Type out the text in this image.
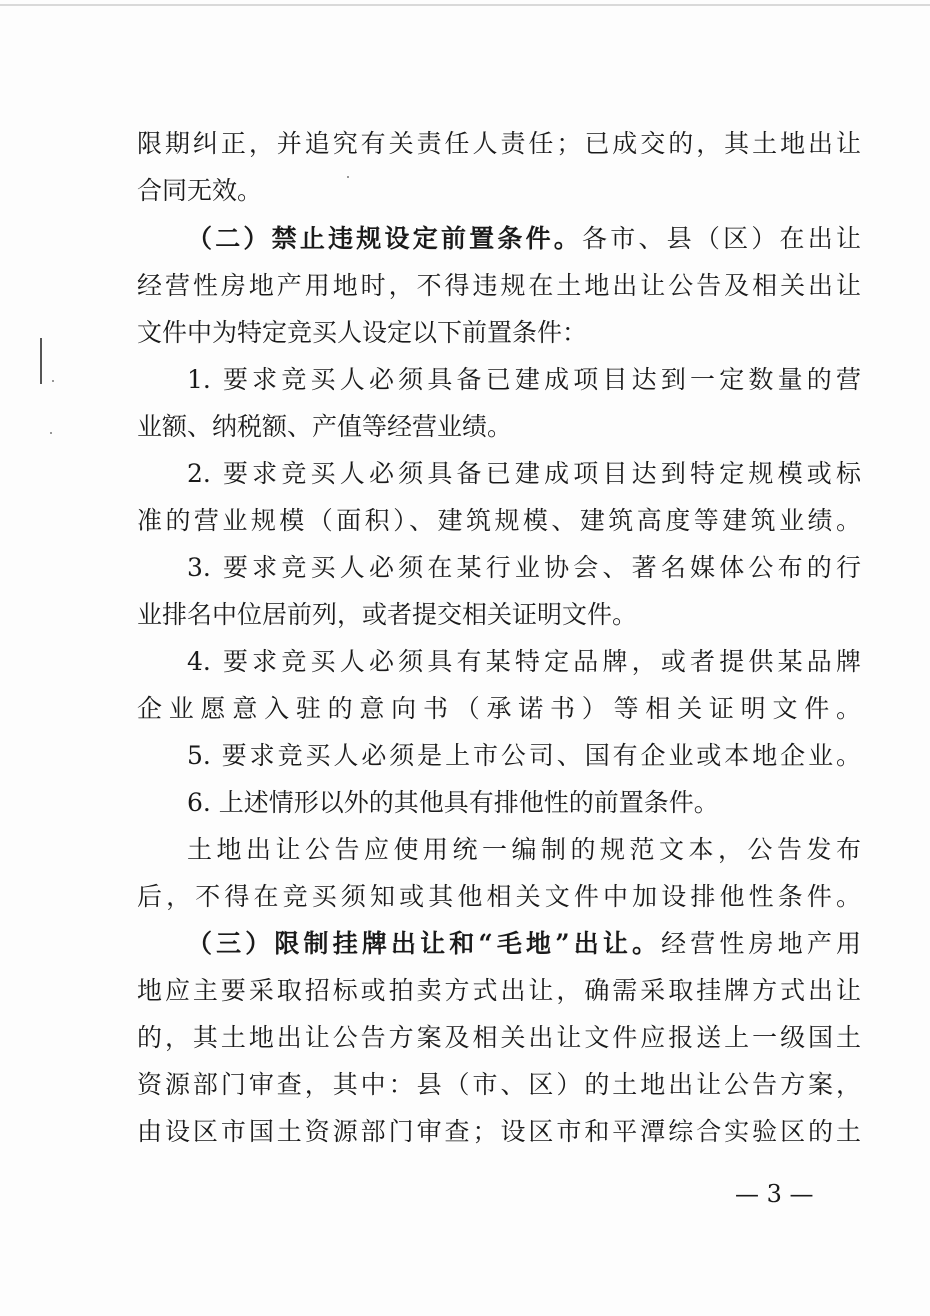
限期纠正，并追究有关责任人责任；已成交的，其土地出让
合同无效。
（二）禁止违规设定前置条件。各市、县（区）在出让
经营性房地产用地时，不得违规在土地出让公告及相关出让
文件中为特定竞买人设定以下前置条件：
1. 要求竞买人必须具备已建成项目达到一定数量的营
业额、纳税额、产值等经营业绩。
2. 要求竞买人必须具备已建成项目达到特定规模或标
准的营业规模（面积）、建筑规模、建筑高度等建筑业绩。
3. 要求竞买人必须在某行业协会、著名媒体公布的行
业排名中位居前列，或者提交相关证明文件。
4. 要求竞买人必须具有某特定品牌，或者提供某品牌
企业愿意入驻的意向书（承诺书）等相关证明文件。
5. 要求竞买人必须是上市公司、国有企业或本地企业。
6. 上述情形以外的其他具有排他性的前置条件。
土地出让公告应使用统一编制的规范文本，公告发布
后，不得在竞买须知或其他相关文件中加设排他性条件。
（三）限制挂牌出让和“毛地”出让。经营性房地产用
地应主要采取招标或拍卖方式出让，确需采取挂牌方式出让
的，其土地出让公告方案及相关出让文件应报送上一级国土
资源部门审查，其中：县（市、区）的土地出让公告方案，
由设区市国土资源部门审查；设区市和平潭综合实验区的土
— 3 —
